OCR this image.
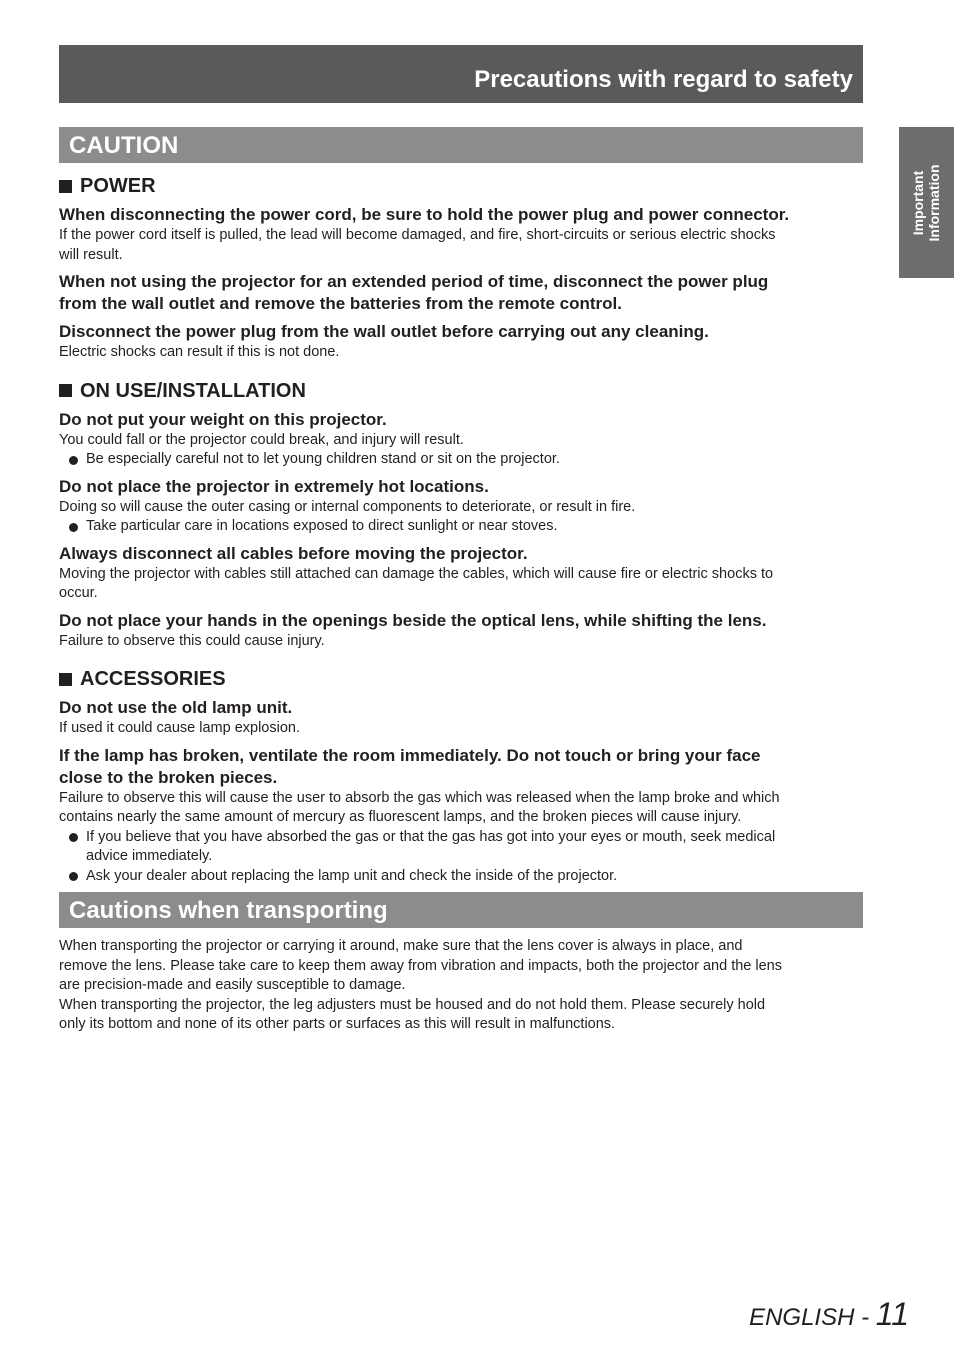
Precautions with regard to safety
Important Information
CAUTION
POWER
When disconnecting the power cord, be sure to hold the power plug and power connector.
If the power cord itself is pulled, the lead will become damaged, and fire, short-circuits or serious electric shocks
will result.
When not using the projector for an extended period of time, disconnect the power plug
from the wall outlet and remove the batteries from the remote control.
Disconnect the power plug from the wall outlet before carrying out any cleaning.
Electric shocks can result if this is not done.
ON USE/INSTALLATION
Do not put your weight on this projector.
You could fall or the projector could break, and injury will result.
Be especially careful not to let young children stand or sit on the projector.
Do not place the projector in extremely hot locations.
Doing so will cause the outer casing or internal components to deteriorate, or result in fire.
Take particular care in locations exposed to direct sunlight or near stoves.
Always disconnect all cables before moving the projector.
Moving the projector with cables still attached can damage the cables, which will cause fire or electric shocks to
occur.
Do not place your hands in the openings beside the optical lens, while shifting the lens.
Failure to observe this could cause injury.
ACCESSORIES
Do not use the old lamp unit.
If used it could cause lamp explosion.
If the lamp has broken, ventilate the room immediately. Do not touch or bring your face
close to the broken pieces.
Failure to observe this will cause the user to absorb the gas which was released when the lamp broke and which
contains nearly the same amount of mercury as fluorescent lamps, and the broken pieces will cause injury.
If you believe that you have absorbed the gas or that the gas has got into your eyes or mouth, seek medical
advice immediately.
Ask your dealer about replacing the lamp unit and check the inside of the projector.
Cautions when transporting
When transporting the projector or carrying it around, make sure that the lens cover is always in place, and
remove the lens. Please take care to keep them away from vibration and impacts, both the projector and the lens
are precision-made and easily susceptible to damage.
When transporting the projector, the leg adjusters must be housed and do not hold them. Please securely hold
only its bottom and none of its other parts or surfaces as this will result in malfunctions.
ENGLISH - 11
